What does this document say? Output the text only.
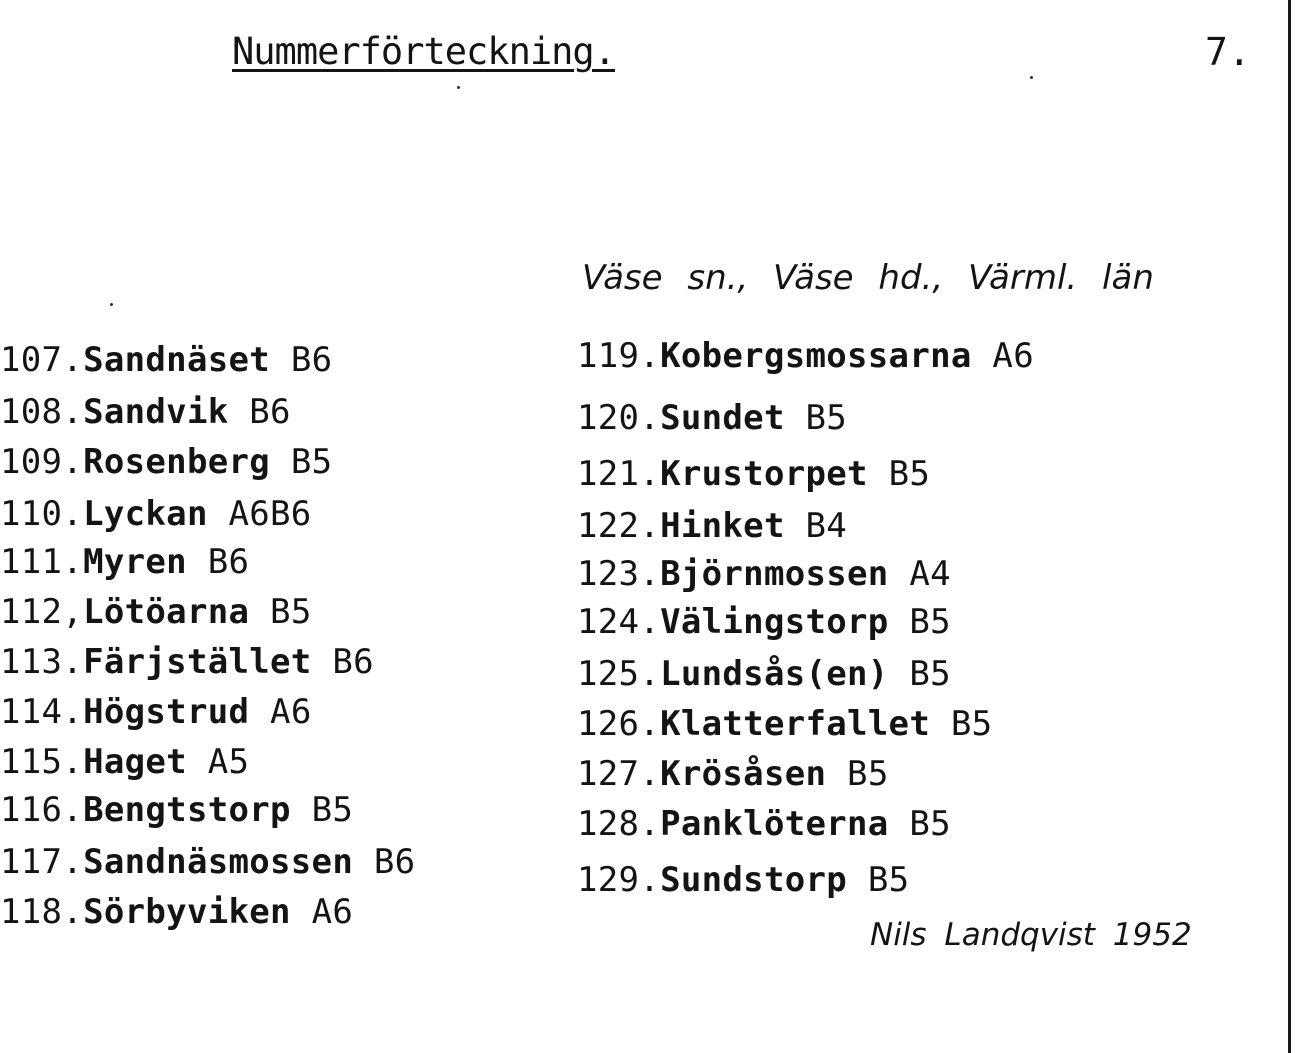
Nummerförteckning.	7.
Väse sn., Väse hd., Värml. län
107.Sandnäset B6
108.Sandvik B6
109.Rosenberg B5
110.Lyckan A6B6
111.Myren B6
112,Lötöarna B5
113.Färjstället B6
114.Högstrud A6
115.Haget A5
116.Bengtstorp B5
117.Sandnäsmossen B6
118.Sörbyviken A6
119.Kobergsmossarna A6
120.Sundet B5
121.Krustorpet B5
122.Hinket B4
123.Björnmossen A4
124.Välingstorp B5
125.Lundsås(en) B5
126.Klatterfallet B5
127.Krösåsen B5
128.Panklöterna B5
129.Sundstorp B5
Nils Landqvist 1952
